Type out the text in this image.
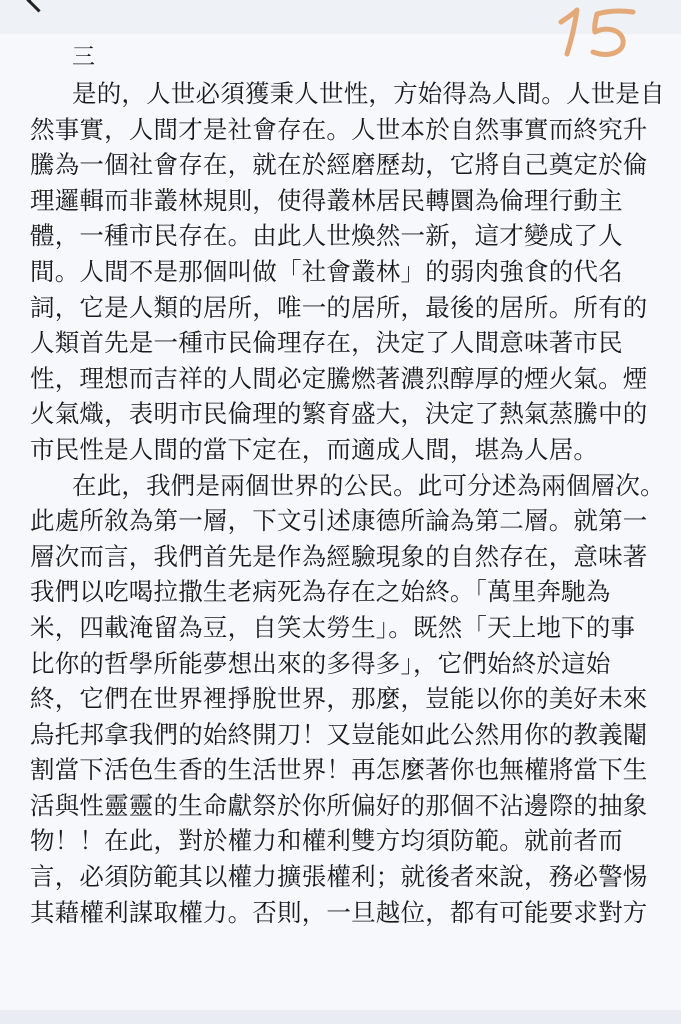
三
是的，人世必須獲秉人世性，方始得為人間。人世是自
然事實，人間才是社會存在。人世本於自然事實而終究升
騰為一個社會存在，就在於經磨歷劫，它將自己奠定於倫
理邏輯而非叢林規則，使得叢林居民轉圜為倫理行動主
體，一種市民存在。由此人世煥然一新，這才變成了人
間。人間不是那個叫做「社會叢林」的弱肉強食的代名
詞，它是人類的居所，唯一的居所，最後的居所。所有的
人類首先是一種市民倫理存在，決定了人間意味著市民
性，理想而吉祥的人間必定騰燃著濃烈醇厚的煙火氣。煙
火氣熾，表明市民倫理的繁育盛大，決定了熱氣蒸騰中的
市民性是人間的當下定在，而適成人間，堪為人居。
在此，我們是兩個世界的公民。此可分述為兩個層次。
此處所敘為第一層，下文引述康德所論為第二層。就第一
層次而言，我們首先是作為經驗現象的自然存在，意味著
我們以吃喝拉撒生老病死為存在之始終。「萬里奔馳為
米，四載淹留為豆，自笑太勞生」。既然「天上地下的事
比你的哲學所能夢想出來的多得多」，它們始終於這始
終，它們在世界裡掙脫世界，那麼，豈能以你的美好未來
烏托邦拿我們的始終開刀！又豈能如此公然用你的教義閹
割當下活色生香的生活世界！再怎麼著你也無權將當下生
活與性靈靈的生命獻祭於你所偏好的那個不沾邊際的抽象
物！！在此，對於權力和權利雙方均須防範。就前者而
言，必須防範其以權力擴張權利；就後者來說，務必警惕
其藉權利謀取權力。否則，一旦越位，都有可能要求對方
